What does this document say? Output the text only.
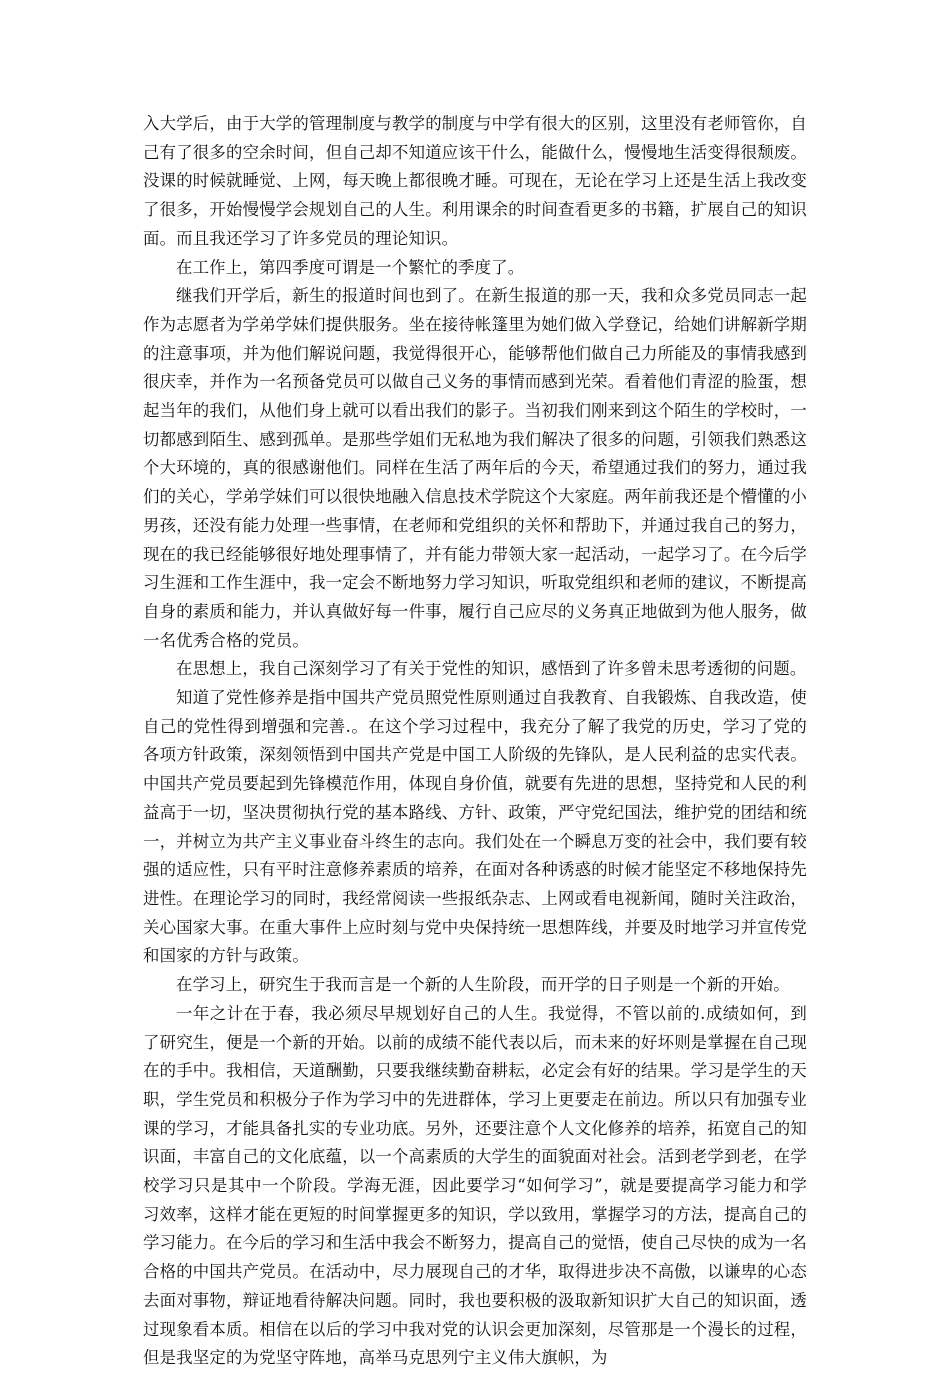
入大学后，由于大学的管理制度与教学的制度与中学有很大的区别，这里没有老师管你，自己有了很多的空余时间，但自己却不知道应该干什么，能做什么，慢慢地生活变得很颓废。没课的时候就睡觉、上网，每天晚上都很晚才睡。可现在，无论在学习上还是生活上我改变了很多，开始慢慢学会规划自己的人生。利用课余的时间查看更多的书籍，扩展自己的知识面。而且我还学习了许多党员的理论知识。

在工作上，第四季度可谓是一个繁忙的季度了。

继我们开学后，新生的报道时间也到了。在新生报道的那一天，我和众多党员同志一起作为志愿者为学弟学妹们提供服务。坐在接待帐篷里为她们做入学登记，给她们讲解新学期的注意事项，并为他们解说问题，我觉得很开心，能够帮他们做自己力所能及的事情我感到很庆幸，并作为一名预备党员可以做自己义务的事情而感到光荣。看着他们青涩的脸蛋，想起当年的我们，从他们身上就可以看出我们的影子。当初我们刚来到这个陌生的学校时，一切都感到陌生、感到孤单。是那些学姐们无私地为我们解决了很多的问题，引领我们熟悉这个大环境的，真的很感谢他们。同样在生活了两年后的今天，希望通过我们的努力，通过我们的关心，学弟学妹们可以很快地融入信息技术学院这个大家庭。两年前我还是个懵懂的小男孩，还没有能力处理一些事情，在老师和党组织的关怀和帮助下，并通过我自己的努力，现在的我已经能够很好地处理事情了，并有能力带领大家一起活动，一起学习了。在今后学习生涯和工作生涯中，我一定会不断地努力学习知识，听取党组织和老师的建议，不断提高自身的素质和能力，并认真做好每一件事，履行自己应尽的义务真正地做到为他人服务，做一名优秀合格的党员。

在思想上，我自己深刻学习了有关于党性的知识，感悟到了许多曾未思考透彻的问题。

知道了党性修养是指中国共产党员照党性原则通过自我教育、自我锻炼、自我改造，使自己的党性得到增强和完善.。在这个学习过程中，我充分了解了我党的历史，学习了党的各项方针政策，深刻领悟到中国共产党是中国工人阶级的先锋队，是人民利益的忠实代表。中国共产党员要起到先锋模范作用，体现自身价值，就要有先进的思想，坚持党和人民的利益高于一切，坚决贯彻执行党的基本路线、方针、政策，严守党纪国法，维护党的团结和统一，并树立为共产主义事业奋斗终生的志向。我们处在一个瞬息万变的社会中，我们要有较强的适应性，只有平时注意修养素质的培养，在面对各种诱惑的时候才能坚定不移地保持先进性。在理论学习的同时，我经常阅读一些报纸杂志、上网或看电视新闻，随时关注政治，关心国家大事。在重大事件上应时刻与党中央保持统一思想阵线，并要及时地学习并宣传党和国家的方针与政策。

在学习上，研究生于我而言是一个新的人生阶段，而开学的日子则是一个新的开始。

一年之计在于春，我必须尽早规划好自己的人生。我觉得，不管以前的.成绩如何，到了研究生，便是一个新的开始。以前的成绩不能代表以后，而未来的好坏则是掌握在自己现在的手中。我相信，天道酬勤，只要我继续勤奋耕耘，必定会有好的结果。学习是学生的天职，学生党员和积极分子作为学习中的先进群体，学习上更要走在前边。所以只有加强专业课的学习，才能具备扎实的专业功底。另外，还要注意个人文化修养的培养，拓宽自己的知识面，丰富自己的文化底蕴，以一个高素质的大学生的面貌面对社会。活到老学到老，在学校学习只是其中一个阶段。学海无涯，因此要学习“如何学习”，就是要提高学习能力和学习效率，这样才能在更短的时间掌握更多的知识，学以致用，掌握学习的方法，提高自己的学习能力。在今后的学习和生活中我会不断努力，提高自己的觉悟，使自己尽快的成为一名合格的中国共产党员。在活动中，尽力展现自己的才华，取得进步决不高傲，以谦卑的心态去面对事物，辩证地看待解决问题。同时，我也要积极的汲取新知识扩大自己的知识面，透过现象看本质。相信在以后的学习中我对党的认识会更加深刻，尽管那是一个漫长的过程，但是我坚定的为党坚守阵地，高举马克思列宁主义伟大旗帜，为
